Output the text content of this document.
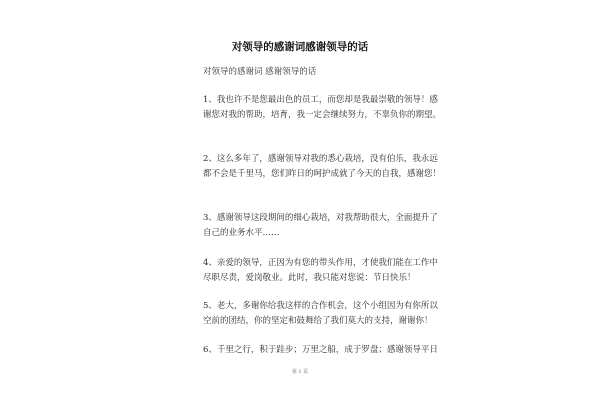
对领导的感谢词感谢领导的话
对领导的感谢词 感谢领导的话
1、我也许不是您最出色的员工，而您却是我最崇敬的领导！感
谢您对我的帮助，培育，我一定会继续努力，不辜负你的期望。
2、这么多年了，感谢领导对我的悉心栽培，没有伯乐，我永远
都不会是千里马，您们昨日的呵护成就了今天的自我，感谢您！
3、感谢领导这段期间的细心栽培，对我帮助很大，全面提升了
自己的业务水平……
4、亲爱的领导，正因为有您的带头作用，才使我们能在工作中
尽职尽责，爱岗敬业。此时，我只能对您说：节日快乐！
5、老大，多谢你给我这样的合作机会，这个小组因为有你所以
空前的团结，你的坚定和鼓舞给了我们莫大的支持，谢谢你！
6、千里之行，积于跬步；万里之船，成于罗盘；感谢领导平日
第 1 页
